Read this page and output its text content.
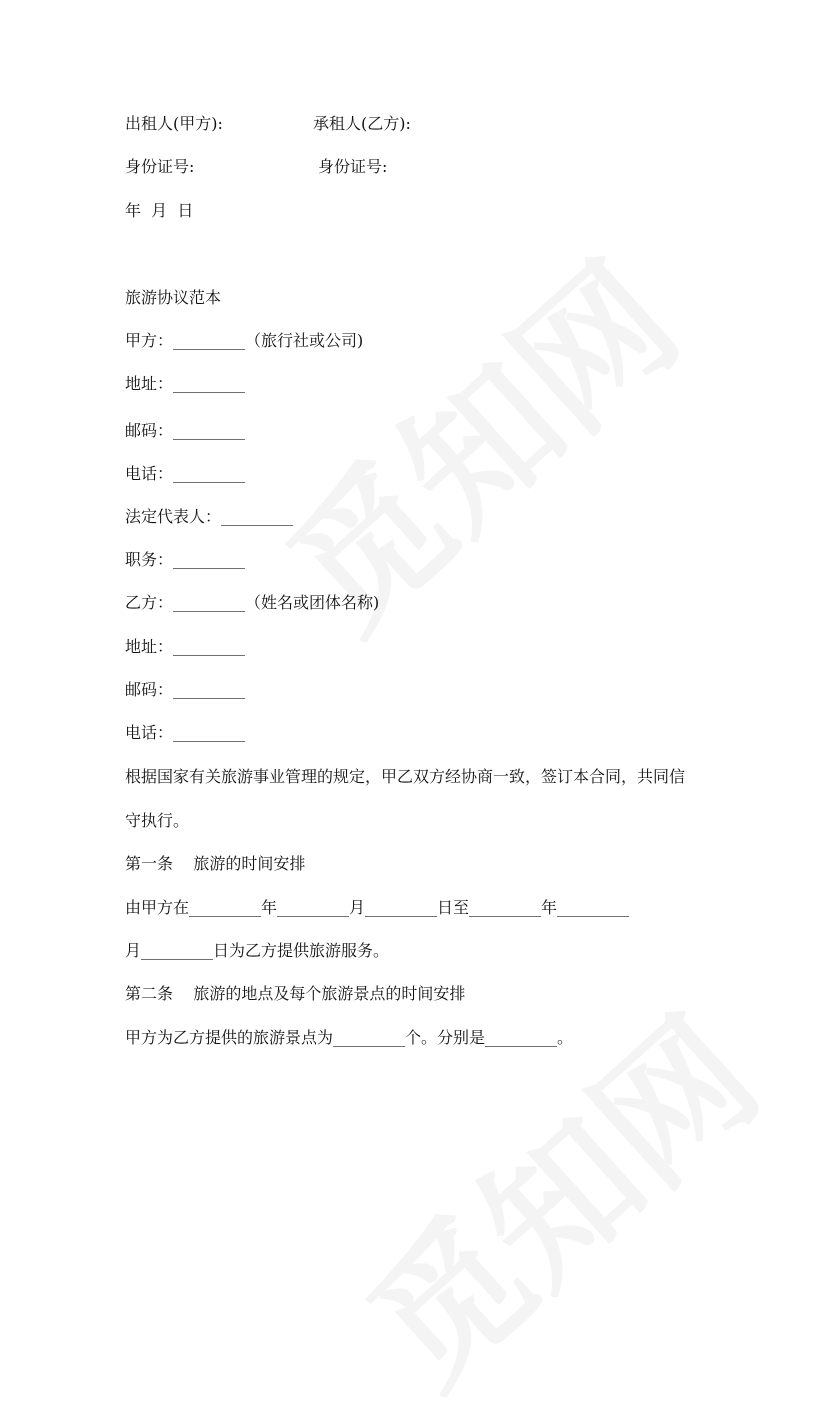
出租人(甲方):	承租人(乙方):
身份证号:	身份证号:
年  月  日
旅游协议范本
甲方：_________（旅行社或公司)
地址：_________
邮码：_________
电话：_________
法定代表人：_________
职务：_________
乙方：_________（姓名或团体名称)
地址：_________
邮码：_________
电话：_________
根据国家有关旅游事业管理的规定，甲乙双方经协商一致，签订本合同，共同信
守执行。
第一条    旅游的时间安排
由甲方在_________年_________月_________日至_________年_________
月_________日为乙方提供旅游服务。
第二条    旅游的地点及每个旅游景点的时间安排
甲方为乙方提供的旅游景点为_________个。分别是_________。
